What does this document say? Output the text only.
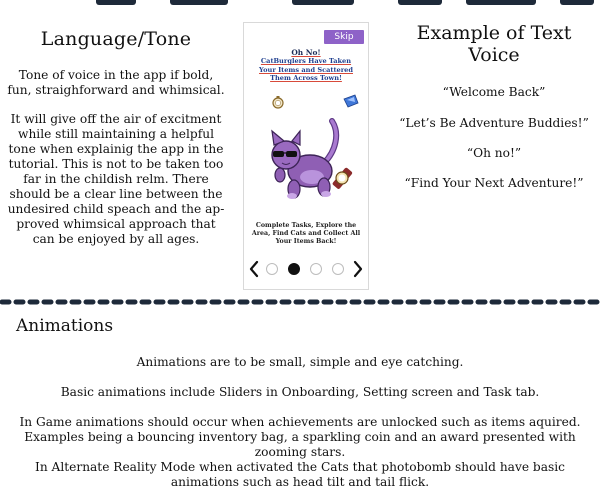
Language/Tone

Tone of voice in the app if bold, fun, straighforward and whimsical.

It will give off the air of excitment while still maintaining a helpful tone when explainig the app in the tutorial. This is not to be taken too far in the childish relm. There should be a clear line between the undesired child speach and the ap-proved whimsical approach that can be enjoyed by all ages.

Skip
Oh No!
CatBurglers Have Taken Your Items and Scattered Them Across Town!
Complete Tasks, Explore the Area, Find Cats and Collect All Your Items Back!
Example of Text Voice
“Welcome Back”
“Let’s Be Adventure Buddies!”
“Oh no!”
“Find Your Next Adventure!”
Animations

Animations are to be small, simple and eye catching.

Basic animations include Sliders in Onboarding, Setting screen and Task tab.

In Game animations should occur when achievements are unlocked such as items aquired. Examples being a bouncing inventory bag, a sparkling coin and an award presented with zooming stars.

In Alternate Reality Mode when activated the Cats that photobomb should have basic animations such as head tilt and tail flick.
